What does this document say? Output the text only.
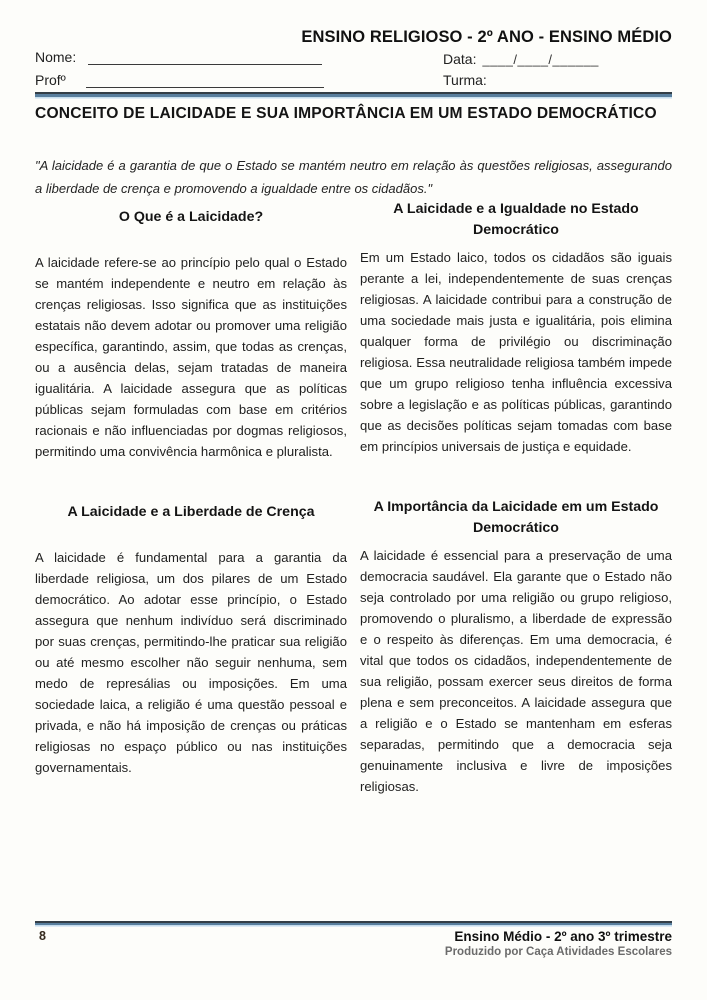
ENSINO RELIGIOSO - 2º ANO - ENSINO MÉDIO
Nome:
Profº
Data: ____/____/______
Turma:
CONCEITO DE LAICIDADE E SUA IMPORTÂNCIA EM UM ESTADO DEMOCRÁTICO

"A laicidade é a garantia de que o Estado se mantém neutro em relação às questões religiosas, assegurando a liberdade de crença e promovendo a igualdade entre os cidadãos."

O Que é a Laicidade?

A laicidade refere-se ao princípio pelo qual o Estado se mantém independente e neutro em relação às crenças religiosas. Isso significa que as instituições estatais não devem adotar ou promover uma religião específica, garantindo, assim, que todas as crenças, ou a ausência delas, sejam tratadas de maneira igualitária. A laicidade assegura que as políticas públicas sejam formuladas com base em critérios racionais e não influenciadas por dogmas religiosos, permitindo uma convivência harmônica e pluralista.

A Laicidade e a Liberdade de Crença

A laicidade é fundamental para a garantia da liberdade religiosa, um dos pilares de um Estado democrático. Ao adotar esse princípio, o Estado assegura que nenhum indivíduo será discriminado por suas crenças, permitindo-lhe praticar sua religião ou até mesmo escolher não seguir nenhuma, sem medo de represálias ou imposições. Em uma sociedade laica, a religião é uma questão pessoal e privada, e não há imposição de crenças ou práticas religiosas no espaço público ou nas instituições governamentais.

A Laicidade e a Igualdade no Estado Democrático

Em um Estado laico, todos os cidadãos são iguais perante a lei, independentemente de suas crenças religiosas. A laicidade contribui para a construção de uma sociedade mais justa e igualitária, pois elimina qualquer forma de privilégio ou discriminação religiosa. Essa neutralidade religiosa também impede que um grupo religioso tenha influência excessiva sobre a legislação e as políticas públicas, garantindo que as decisões políticas sejam tomadas com base em princípios universais de justiça e equidade.

A Importância da Laicidade em um Estado Democrático

A laicidade é essencial para a preservação de uma democracia saudável. Ela garante que o Estado não seja controlado por uma religião ou grupo religioso, promovendo o pluralismo, a liberdade de expressão e o respeito às diferenças. Em uma democracia, é vital que todos os cidadãos, independentemente de sua religião, possam exercer seus direitos de forma plena e sem preconceitos. A laicidade assegura que a religião e o Estado se mantenham em esferas separadas, permitindo que a democracia seja genuinamente inclusiva e livre de imposições religiosas.

8	Ensino Médio - 2º ano 3º trimestre
Produzido por Caça Atividades Escolares
